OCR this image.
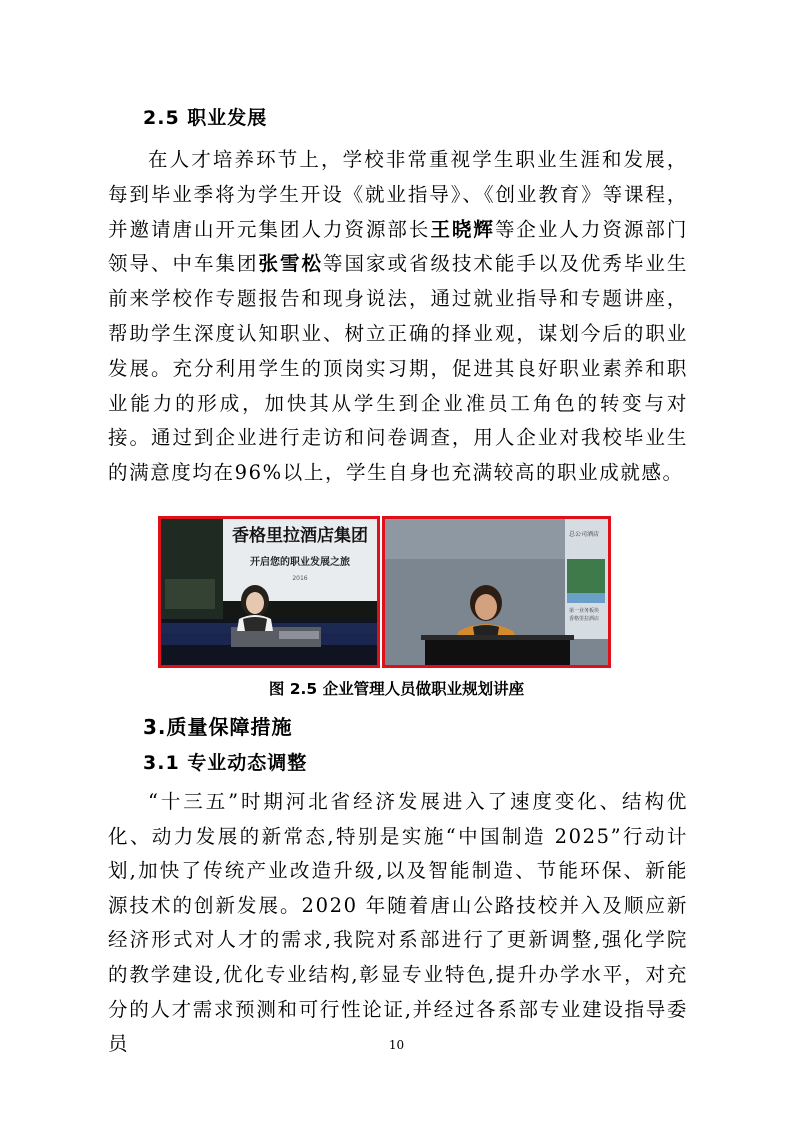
2.5 职业发展

在人才培养环节上，学校非常重视学生职业生涯和发展，每到毕业季将为学生开设《就业指导》、《创业教育》等课程，并邀请唐山开元集团人力资源部长王晓辉等企业人力资源部门领导、中车集团张雪松等国家或省级技术能手以及优秀毕业生前来学校作专题报告和现身说法，通过就业指导和专题讲座，帮助学生深度认知职业、树立正确的择业观，谋划今后的职业发展。充分利用学生的顶岗实习期，促进其良好职业素养和职业能力的形成，加快其从学生到企业准员工角色的转变与对接。通过到企业进行走访和问卷调查，用人企业对我校毕业生的满意度均在96%以上，学生自身也充满较高的职业成就感。

香格里拉酒店集团
开启您的职业发展之旅
2016
总公司酒店
第一业务板块
香格里拉酒店
图 2.5 企业管理人员做职业规划讲座
3.质量保障措施
3.1 专业动态调整

“十三五”时期河北省经济发展进入了速度变化、结构优化、动力发展的新常态,特别是实施“中国制造 2025”行动计划,加快了传统产业改造升级,以及智能制造、节能环保、新能源技术的创新发展。2020 年随着唐山公路技校并入及顺应新经济形式对人才的需求,我院对系部进行了更新调整,强化学院的教学建设,优化专业结构,彰显专业特色,提升办学水平，对充分的人才需求预测和可行性论证,并经过各系部专业建设指导委员	10
